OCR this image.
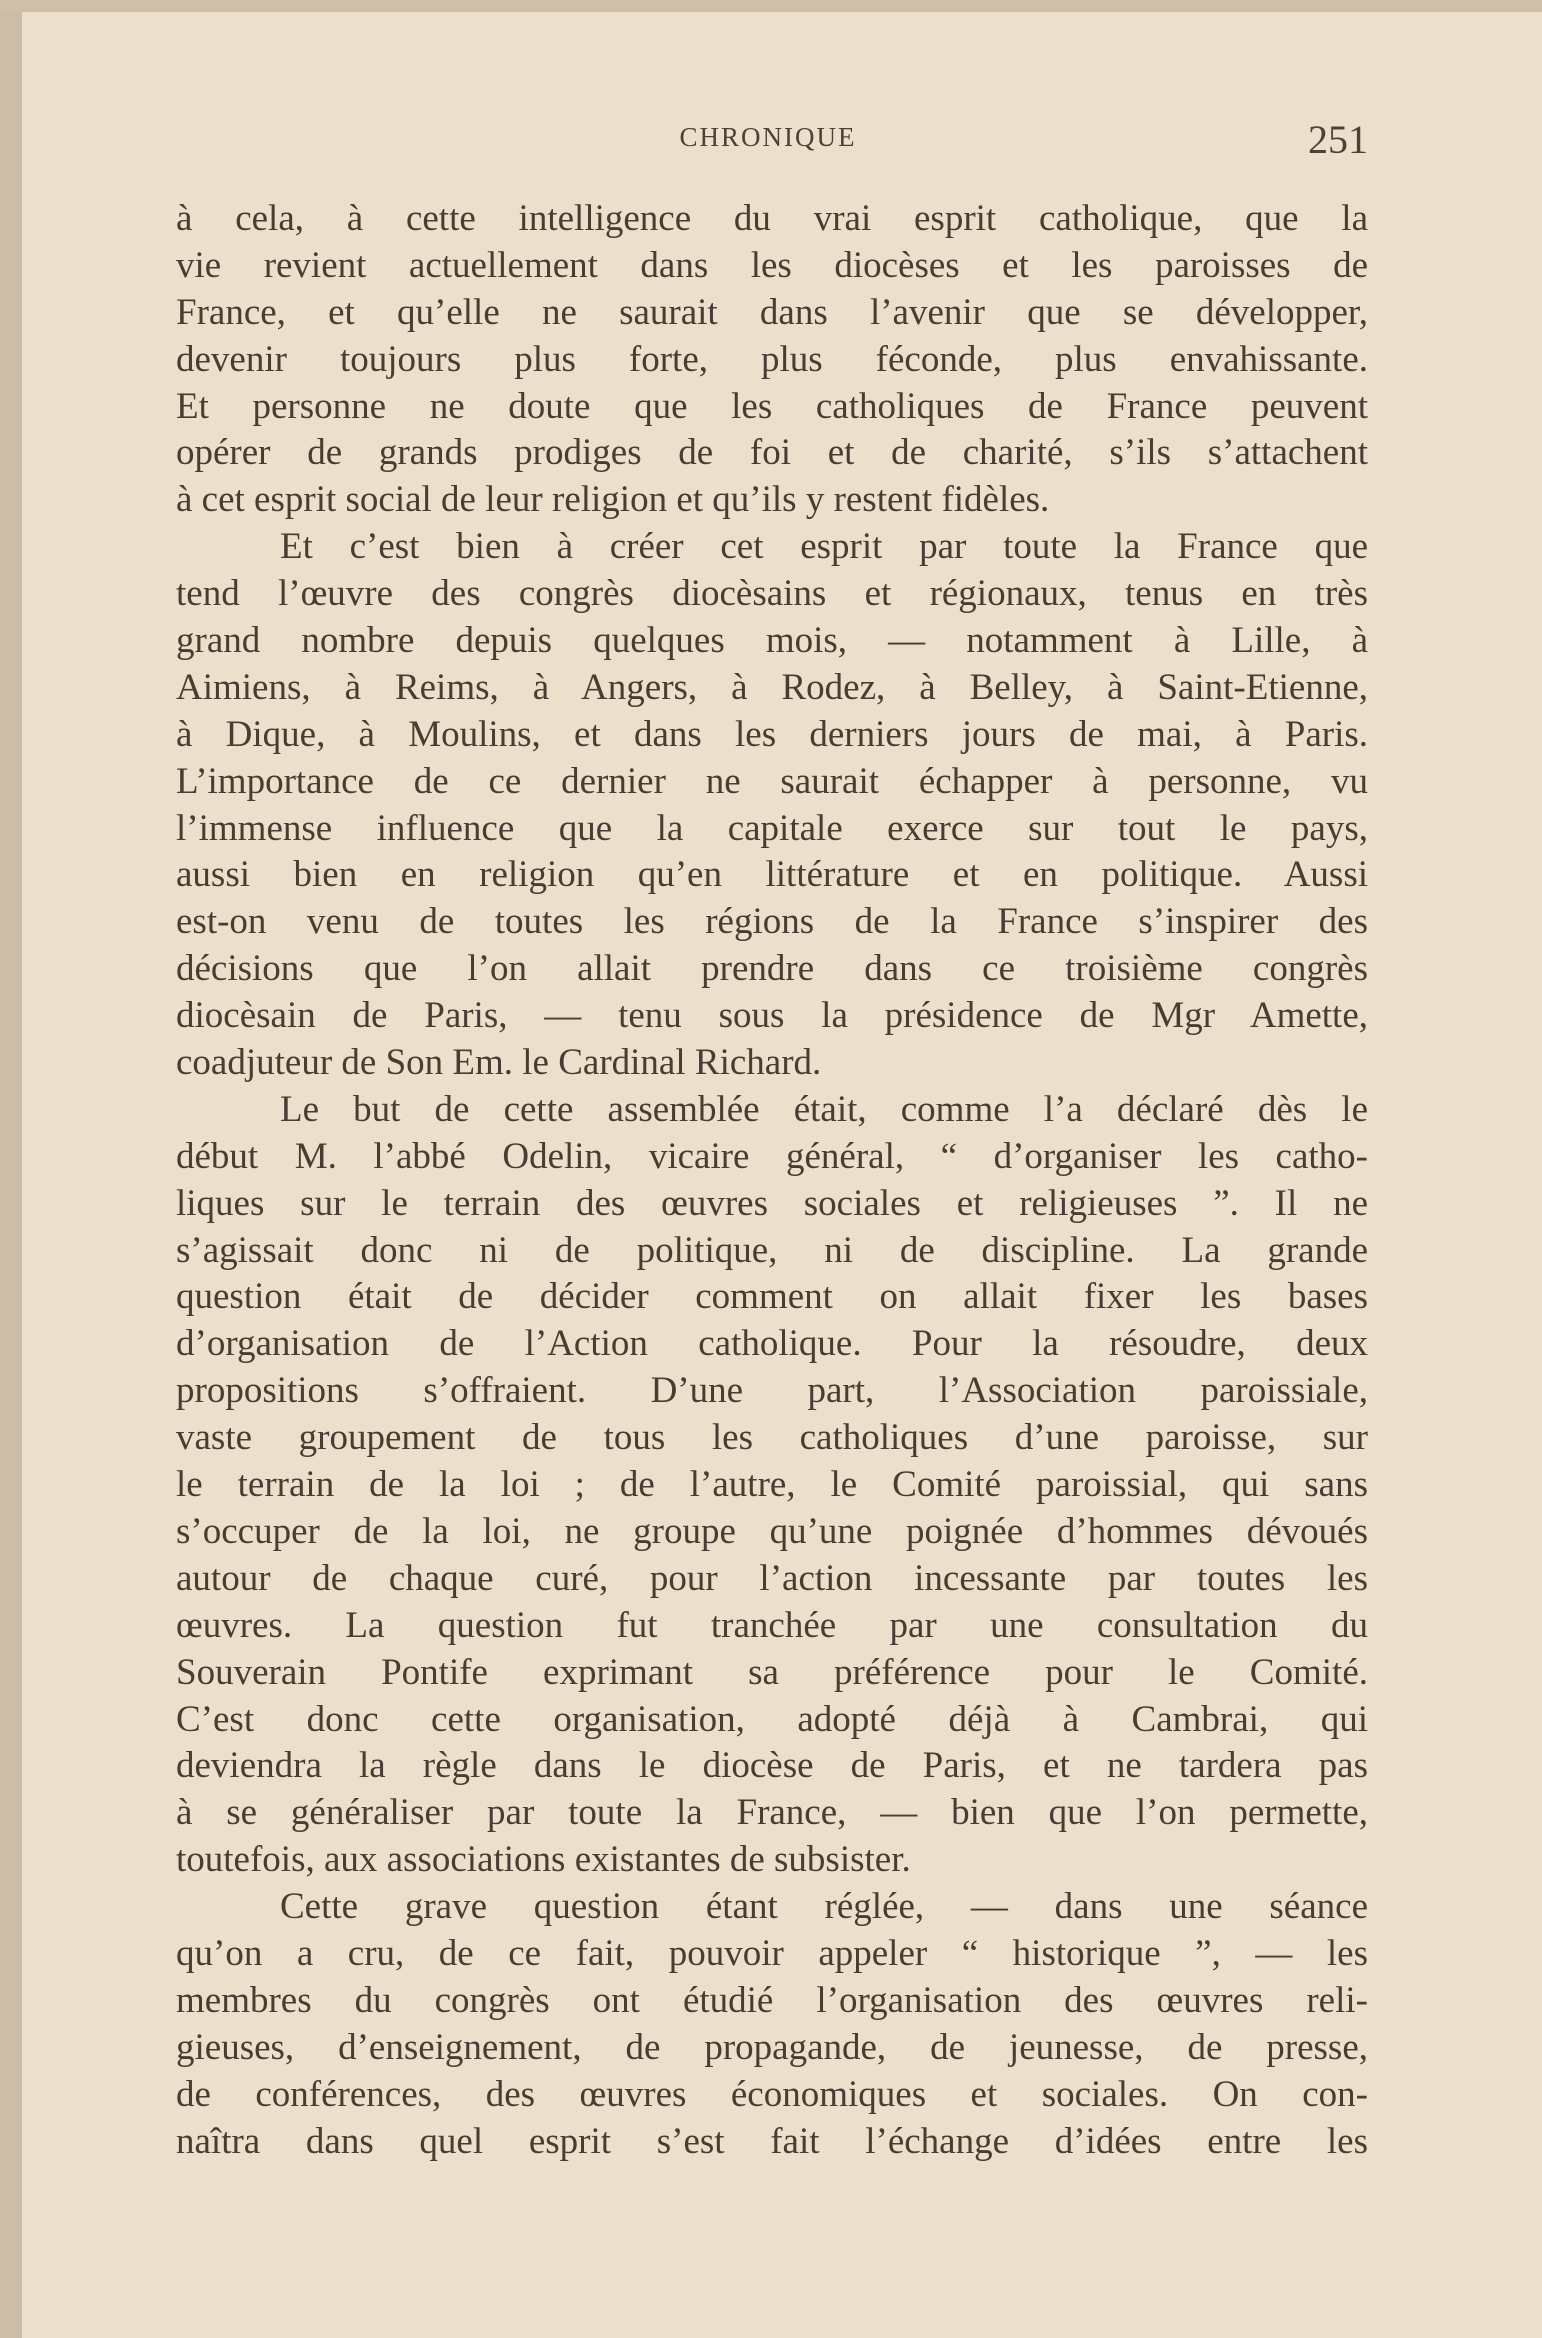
CHRONIQUE	251
à cela, à cette intelligence du vrai esprit catholique, que la
vie revient actuellement dans les diocèses et les paroisses de
France, et qu’elle ne saurait dans l’avenir que se développer,
devenir toujours plus forte, plus féconde, plus envahissante.
Et personne ne doute que les catholiques de France peuvent
opérer de grands prodiges de foi et de charité, s’ils s’attachent
à cet esprit social de leur religion et qu’ils y restent fidèles.
Et c’est bien à créer cet esprit par toute la France que
tend l’œuvre des congrès diocèsains et régionaux, tenus en très
grand nombre depuis quelques mois, — notamment à Lille, à
Aimiens, à Reims, à Angers, à Rodez, à Belley, à Saint-Etienne,
à Dique, à Moulins, et dans les derniers jours de mai, à Paris.
L’importance de ce dernier ne saurait échapper à personne, vu
l’immense influence que la capitale exerce sur tout le pays,
aussi bien en religion qu’en littérature et en politique. Aussi
est-on venu de toutes les régions de la France s’inspirer des
décisions que l’on allait prendre dans ce troisième congrès
diocèsain de Paris, — tenu sous la présidence de Mgr Amette,
coadjuteur de Son Em. le Cardinal Richard.
Le but de cette assemblée était, comme l’a déclaré dès le
début M. l’abbé Odelin, vicaire général, “ d’organiser les catho-
liques sur le terrain des œuvres sociales et religieuses ”. Il ne
s’agissait donc ni de politique, ni de discipline. La grande
question était de décider comment on allait fixer les bases
d’organisation de l’Action catholique. Pour la résoudre, deux
propositions s’offraient. D’une part, l’Association paroissiale,
vaste groupement de tous les catholiques d’une paroisse, sur
le terrain de la loi ; de l’autre, le Comité paroissial, qui sans
s’occuper de la loi, ne groupe qu’une poignée d’hommes dévoués
autour de chaque curé, pour l’action incessante par toutes les
œuvres. La question fut tranchée par une consultation du
Souverain Pontife exprimant sa préférence pour le Comité.
C’est donc cette organisation, adopté déjà à Cambrai, qui
deviendra la règle dans le diocèse de Paris, et ne tardera pas
à se généraliser par toute la France, — bien que l’on permette,
toutefois, aux associations existantes de subsister.
Cette grave question étant réglée, — dans une séance
qu’on a cru, de ce fait, pouvoir appeler “ historique ”, — les
membres du congrès ont étudié l’organisation des œuvres reli-
gieuses, d’enseignement, de propagande, de jeunesse, de presse,
de conférences, des œuvres économiques et sociales. On con-
naîtra dans quel esprit s’est fait l’échange d’idées entre les
